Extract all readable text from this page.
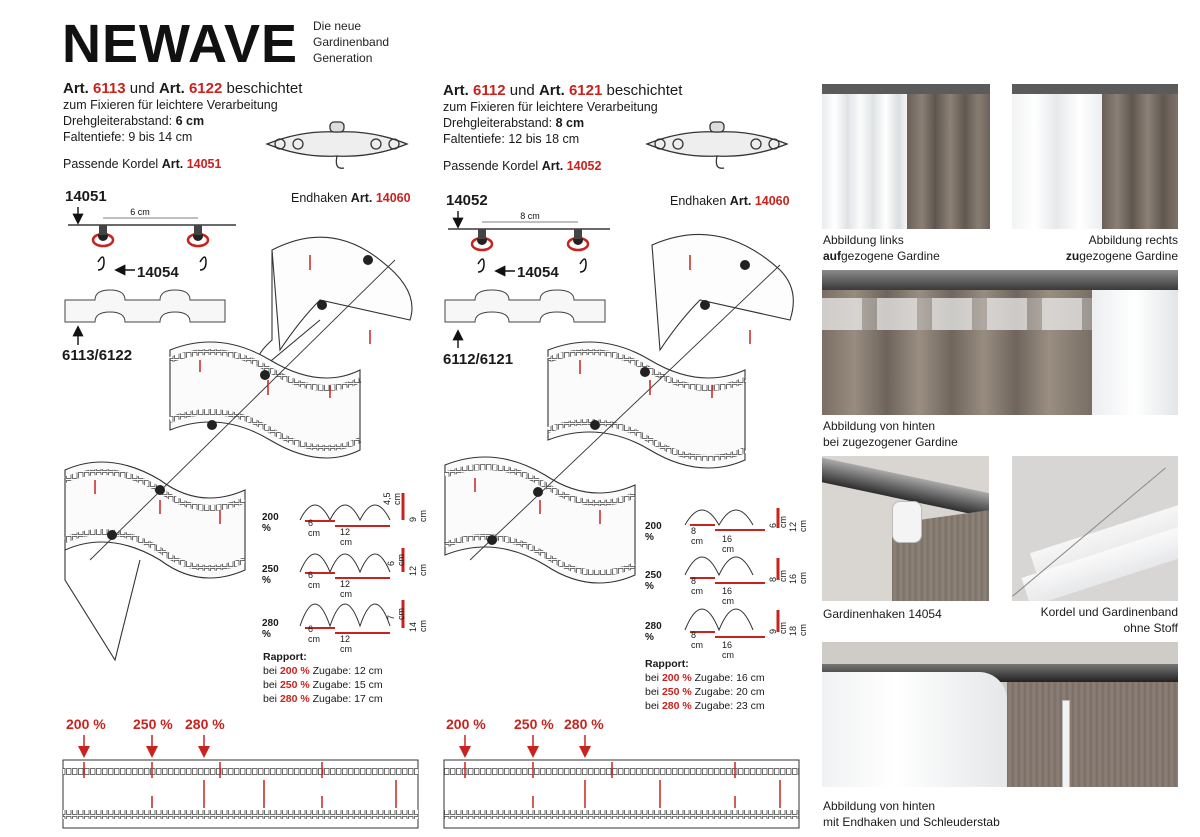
NEWAVE Die neue
Gardinenband
Generation
Art. 6113 und Art. 6122 beschichtet
zum Fixieren für leichtere Verarbeitung
Drehgleiterabstand: 6 cm
Faltentiefe: 9 bis 14 cm
Passende Kordel Art. 14051
Endhaken Art. 14060
Art. 6112 und Art. 6121 beschichtet
zum Fixieren für leichtere Verarbeitung
Drehgleiterabstand: 8 cm
Faltentiefe: 12 bis 18 cm
Passende Kordel Art. 14052
Endhaken Art. 14060
14051
14054
6113/6122
14052
14054
6112/6121
6 cm	8 cm
200 %	6 cm 12 cm
4,5 cm
9 cm
250 %	6 cm 12 cm
6 cm
12 cm
280 %	6 cm 12 cm
7 cm
14 cm
200 %
8 cm 16 cm
6 cm 12 cm
250 %	8 cm 16 cm
8 cm 16 cm
280 %	8 cm 16 cm
9 cm 18 cm
Rapport:
bei 200 % Zugabe: 12 cm
bei 250 % Zugabe: 15 cm
bei 280 % Zugabe: 17 cm
Rapport:
bei 200 % Zugabe: 16 cm
bei 250 % Zugabe: 20 cm
bei 280 % Zugabe: 23 cm
200 % 250 % 280 %	200 % 250 % 280 %
Abbildung links
aufgezogene Gardine
Abbildung rechts
zugezogene Gardine
Abbildung von hinten
bei zugezogener Gardine
Gardinenhaken 14054	Kordel und Gardinenband
ohne Stoff
Abbildung von hinten
mit Endhaken und Schleuderstab
